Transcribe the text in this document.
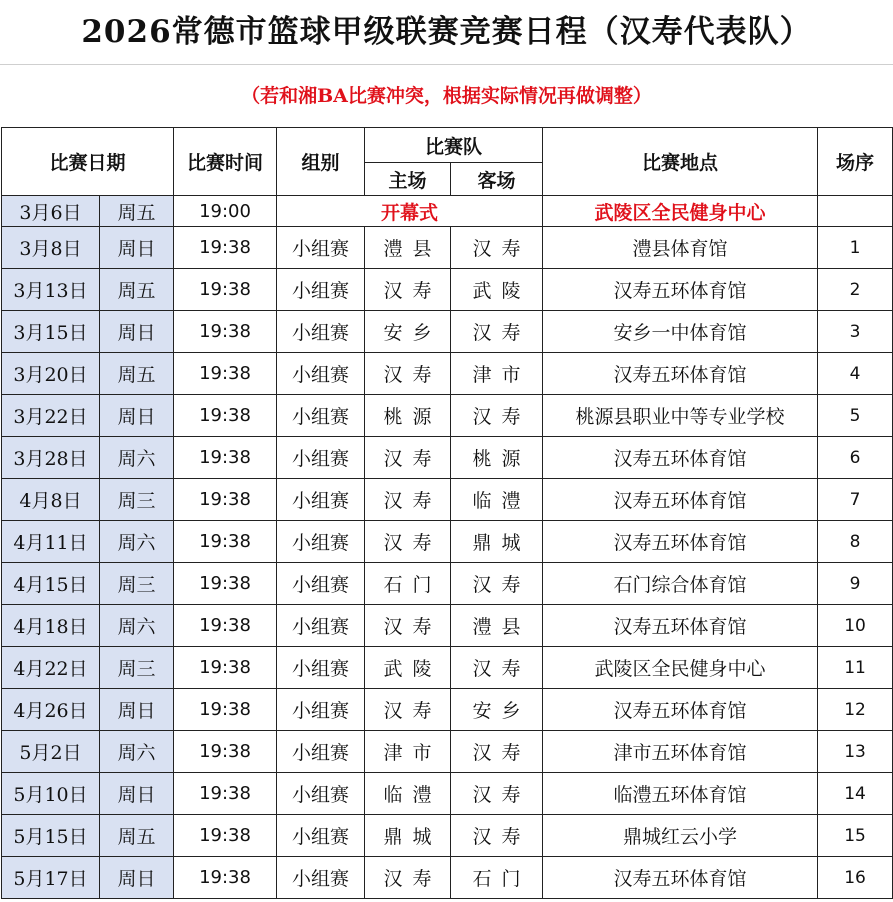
2026常德市篮球甲级联赛竞赛日程（汉寿代表队）
（若和湘BA比赛冲突，根据实际情况再做调整）
比赛日期		比赛时间	组别	比赛队		比赛地点	场序
				主场	客场		
3月6日	周五	19:00	开幕式			武陵区全民健身中心	
3月8日	周日	19:38	小组赛	澧县	汉寿	澧县体育馆	1
3月13日	周五	19:38	小组赛	汉寿	武陵	汉寿五环体育馆	2
3月15日	周日	19:38	小组赛	安乡	汉寿	安乡一中体育馆	3
3月20日	周五	19:38	小组赛	汉寿	津市	汉寿五环体育馆	4
3月22日	周日	19:38	小组赛	桃源	汉寿	桃源县职业中等专业学校	5
3月28日	周六	19:38	小组赛	汉寿	桃源	汉寿五环体育馆	6
4月8日	周三	19:38	小组赛	汉寿	临澧	汉寿五环体育馆	7
4月11日	周六	19:38	小组赛	汉寿	鼎城	汉寿五环体育馆	8
4月15日	周三	19:38	小组赛	石门	汉寿	石门综合体育馆	9
4月18日	周六	19:38	小组赛	汉寿	澧县	汉寿五环体育馆	10
4月22日	周三	19:38	小组赛	武陵	汉寿	武陵区全民健身中心	11
4月26日	周日	19:38	小组赛	汉寿	安乡	汉寿五环体育馆	12
5月2日	周六	19:38	小组赛	津市	汉寿	津市五环体育馆	13
5月10日	周日	19:38	小组赛	临澧	汉寿	临澧五环体育馆	14
5月15日	周五	19:38	小组赛	鼎城	汉寿	鼎城红云小学	15
5月17日	周日	19:38	小组赛	汉寿	石门	汉寿五环体育馆	16
